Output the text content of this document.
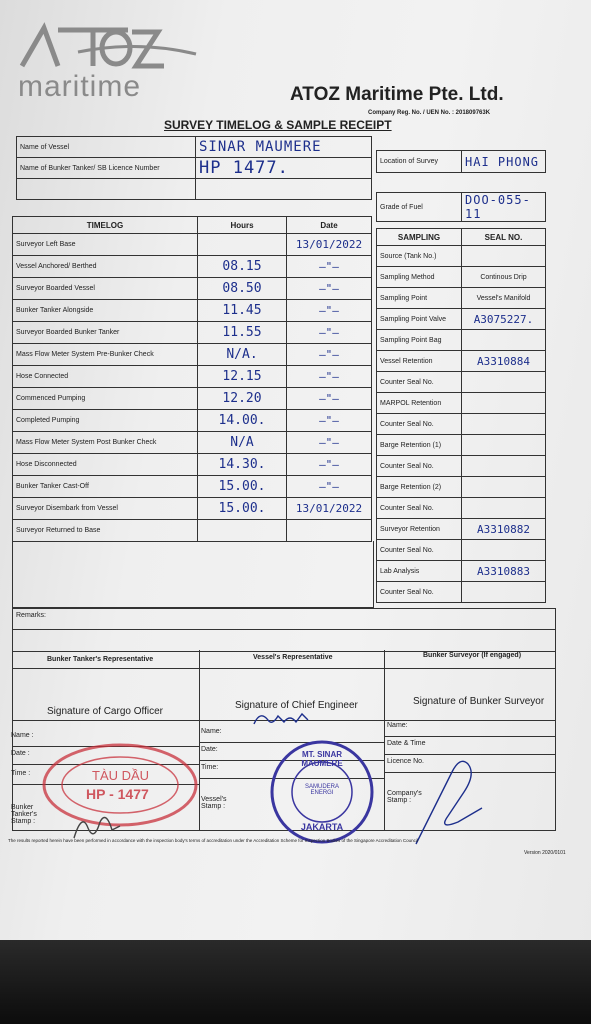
maritime	ATOZ Maritime Pte. Ltd.
Company Reg. No. / UEN No. : 201809763K
SURVEY TIMELOG & SAMPLE RECEIPT
Name of Vessel	SINAR MAUMERE
Name of Bunker Tanker/ SB Licence Number	HP 1477.
		Location of Survey	HAI PHONG
Grade of Fuel	DOO-055-11
TIMELOG	Hours	Date
Surveyor Left Base		13/01/2022
Vessel Anchored/ Berthed	08.15	—"—
Surveyor Boarded Vessel	08.50	—"—
Bunker Tanker Alongside	11.45	—"—
Surveyor Boarded Bunker Tanker	11.55	—"—
Mass Flow Meter System Pre-Bunker Check	N/A.	—"—
Hose Connected	12.15	—"—
Commenced Pumping	12.20	—"—
Completed Pumping	14.00.	—"—
Mass Flow Meter System Post Bunker Check	N/A	—"—
Hose Disconnected	14.30.	—"—
Bunker Tanker Cast-Off	15.00.	—"—
Surveyor Disembark from Vessel	15.00.	13/01/2022
Surveyor Returned to Base		
SAMPLING	SEAL NO.
Source (Tank No.)	
Sampling Method	Continous Drip
Sampling Point	Vessel's Manifold
Sampling Point Valve	A3075227.
Sampling Point Bag	
Vessel Retention	A3310884
Counter Seal No.	
MARPOL Retention	
Counter Seal No.	
Barge Retention (1)	
Counter Seal No.	
Barge Retention (2)	
Counter Seal No.	
Surveyor Retention	A3310882
Counter Seal No.	
Lab Analysis	A3310883
Counter Seal No.	
Remarks:
Bunker Tanker's Representative	Vessel's Representative	Bunker Surveyor (If engaged)
Signature of Cargo Officer
Signature of Chief Engineer	Signature of Bunker Surveyor
Name :
Date :
Time :
Bunker Tanker's Stamp :
Name:
Date:
Time:
Vessel's Stamp :
Name:
Date & Time
Licence No.
Company's Stamp :
TÀU DẦU
HP - 1477
MT. SINAR MAUMERE
SAMUDERA ENERGI
JAKARTA
The results reported herein have been performed in accordance with the inspection body's terms of accreditation under the Accreditation Scheme for Inspection Bodies of the Singapore Accreditation Council
Version 2020/0101
